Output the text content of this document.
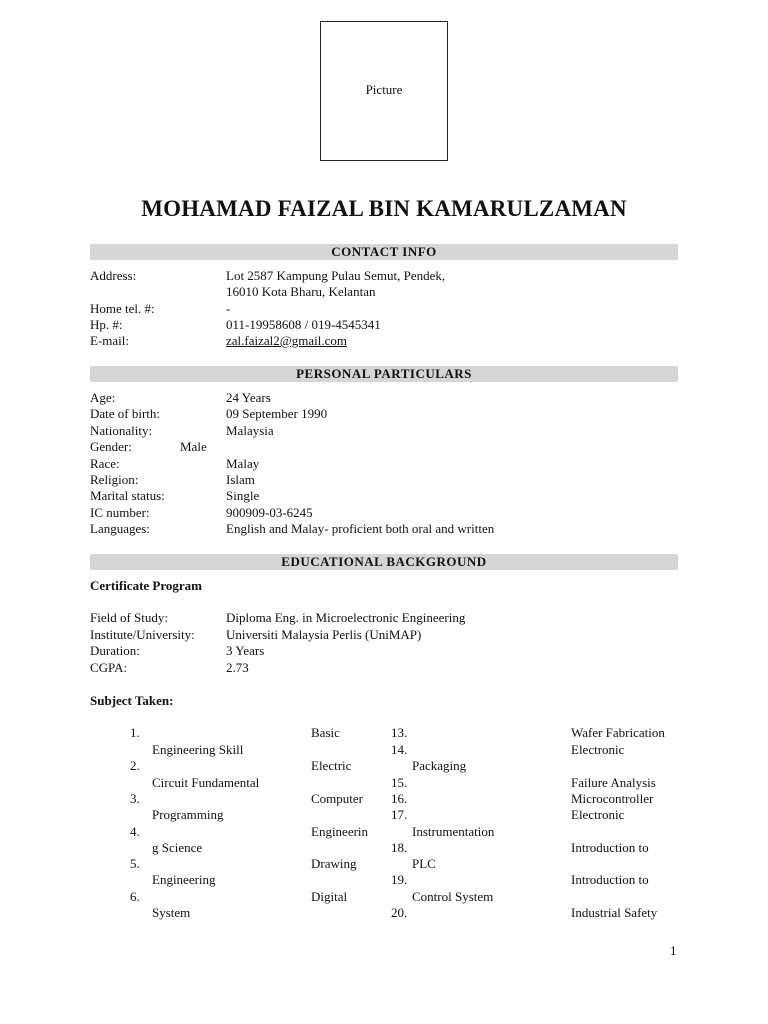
Picture
MOHAMAD FAIZAL BIN KAMARULZAMAN
CONTACT INFO
Address:	Lot 2587 Kampung Pulau Semut, Pendek,
16010 Kota Bharu, Kelantan
Home tel. #:	-
Hp. #:	011-19958608 / 019-4545341
E-mail:	zal.faizal2@gmail.com
PERSONAL PARTICULARS
Age:	24 Years
Date of birth:	09 September 1990
Nationality:	Malaysia
Gender:	Male
Race:	Malay
Religion:	Islam
Marital status:	Single
IC number:	900909-03-6245
Languages:	English and Malay- proficient both oral and written
EDUCATIONAL BACKGROUND
Certificate Program
Field of Study:	Diploma Eng. in Microelectronic Engineering
Institute/University: Universiti Malaysia Perlis (UniMAP)
Duration:	3 Years
CGPA:	2.73
Subject Taken:
1.	Basic
Engineering Skill
2.	Electric
Circuit Fundamental
3.	Computer
Programming
4.	Engineerin
g Science
5.	Drawing
Engineering
6.	Digital
System
13.	Wafer Fabrication
14.	Electronic
Packaging
15.	Failure Analysis
16.	Microcontroller
17.	Electronic
Instrumentation
18.	Introduction to
PLC
19.	Introduction to
Control System
20.	Industrial Safety
1
